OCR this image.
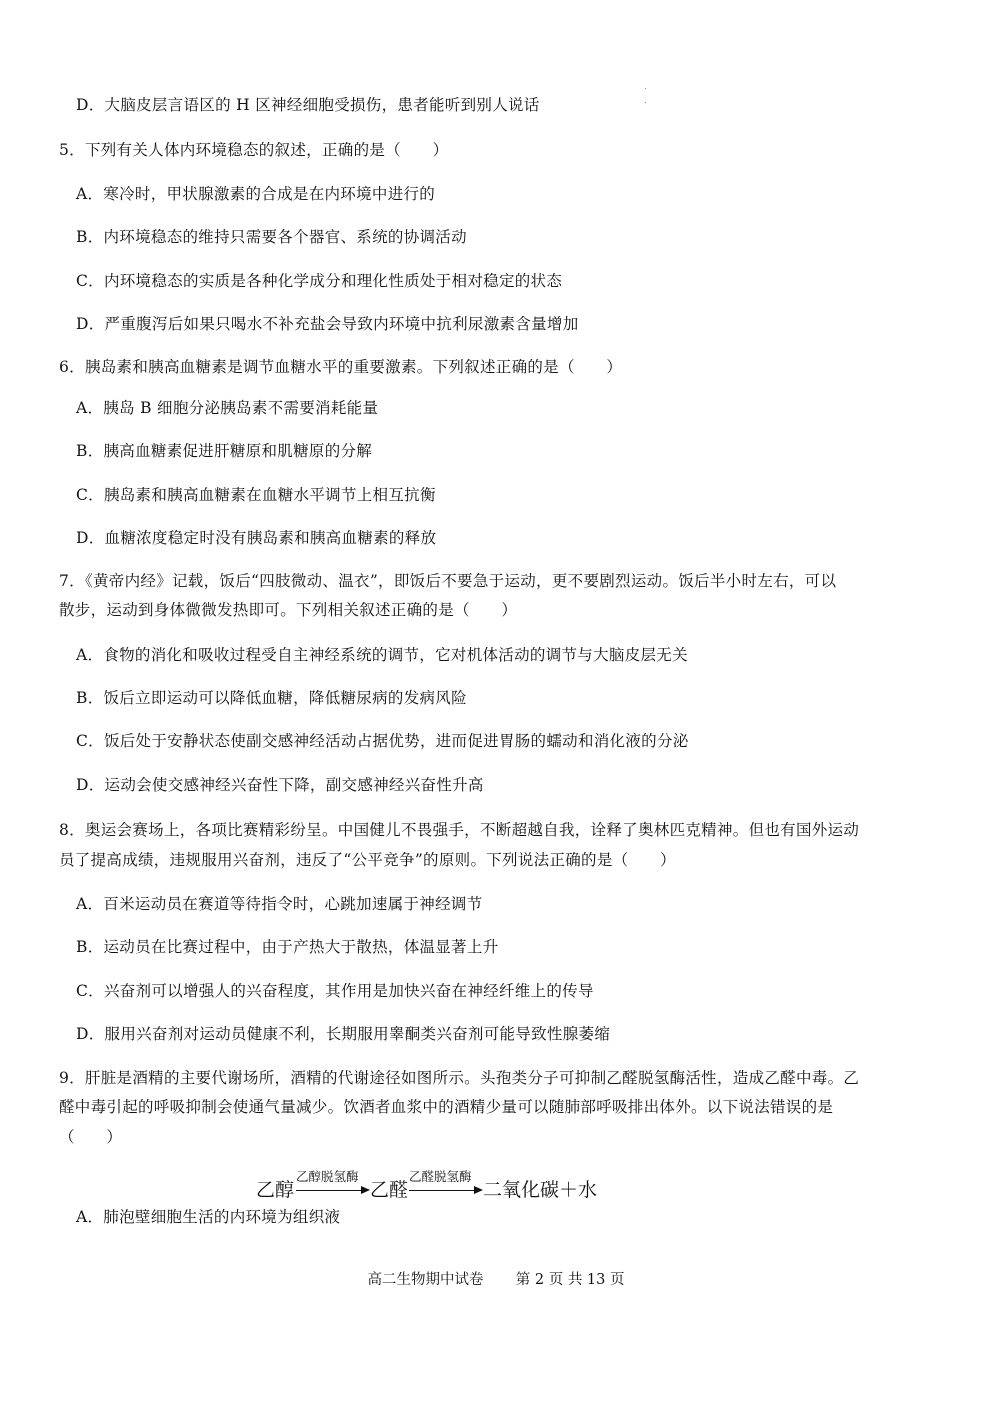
D．大脑皮层言语区的 H 区神经细胞受损伤，患者能听到别人说话
5．下列有关人体内环境稳态的叙述，正确的是（　　）
A．寒冷时，甲状腺激素的合成是在内环境中进行的
B．内环境稳态的维持只需要各个器官、系统的协调活动
C．内环境稳态的实质是各种化学成分和理化性质处于相对稳定的状态
D．严重腹泻后如果只喝水不补充盐会导致内环境中抗利尿激素含量增加
6．胰岛素和胰高血糖素是调节血糖水平的重要激素。下列叙述正确的是（　　）
A．胰岛 B 细胞分泌胰岛素不需要消耗能量
B．胰高血糖素促进肝糖原和肌糖原的分解
C．胰岛素和胰高血糖素在血糖水平调节上相互抗衡
D．血糖浓度稳定时没有胰岛素和胰高血糖素的释放
7．《黄帝内经》记载，饭后“四肢微动、温衣”，即饭后不要急于运动，更不要剧烈运动。饭后半小时左右，可以
散步，运动到身体微微发热即可。下列相关叙述正确的是（　　）
A．食物的消化和吸收过程受自主神经系统的调节，它对机体活动的调节与大脑皮层无关
B．饭后立即运动可以降低血糖，降低糖尿病的发病风险
C．饭后处于安静状态使副交感神经活动占据优势，进而促进胃肠的蠕动和消化液的分泌
D．运动会使交感神经兴奋性下降，副交感神经兴奋性升高
8．奥运会赛场上，各项比赛精彩纷呈。中国健儿不畏强手，不断超越自我，诠释了奥林匹克精神。但也有国外运动
员了提高成绩，违规服用兴奋剂，违反了“公平竞争”的原则。下列说法正确的是（　　）
A．百米运动员在赛道等待指令时，心跳加速属于神经调节
B．运动员在比赛过程中，由于产热大于散热，体温显著上升
C．兴奋剂可以增强人的兴奋程度，其作用是加快兴奋在神经纤维上的传导
D．服用兴奋剂对运动员健康不利，长期服用睾酮类兴奋剂可能导致性腺萎缩
9．肝脏是酒精的主要代谢场所，酒精的代谢途径如图所示。头孢类分子可抑制乙醛脱氢酶活性，造成乙醛中毒。乙
醛中毒引起的呼吸抑制会使通气量减少。饮酒者血浆中的酒精少量可以随肺部呼吸排出体外。以下说法错误的是
（　　）
乙醇
乙醇脱氢酶
乙醛
乙醛脱氢酶
二氧化碳＋水
A．肺泡壁细胞生活的内环境为组织液
高二生物期中试卷 第 2 页 共 13 页
